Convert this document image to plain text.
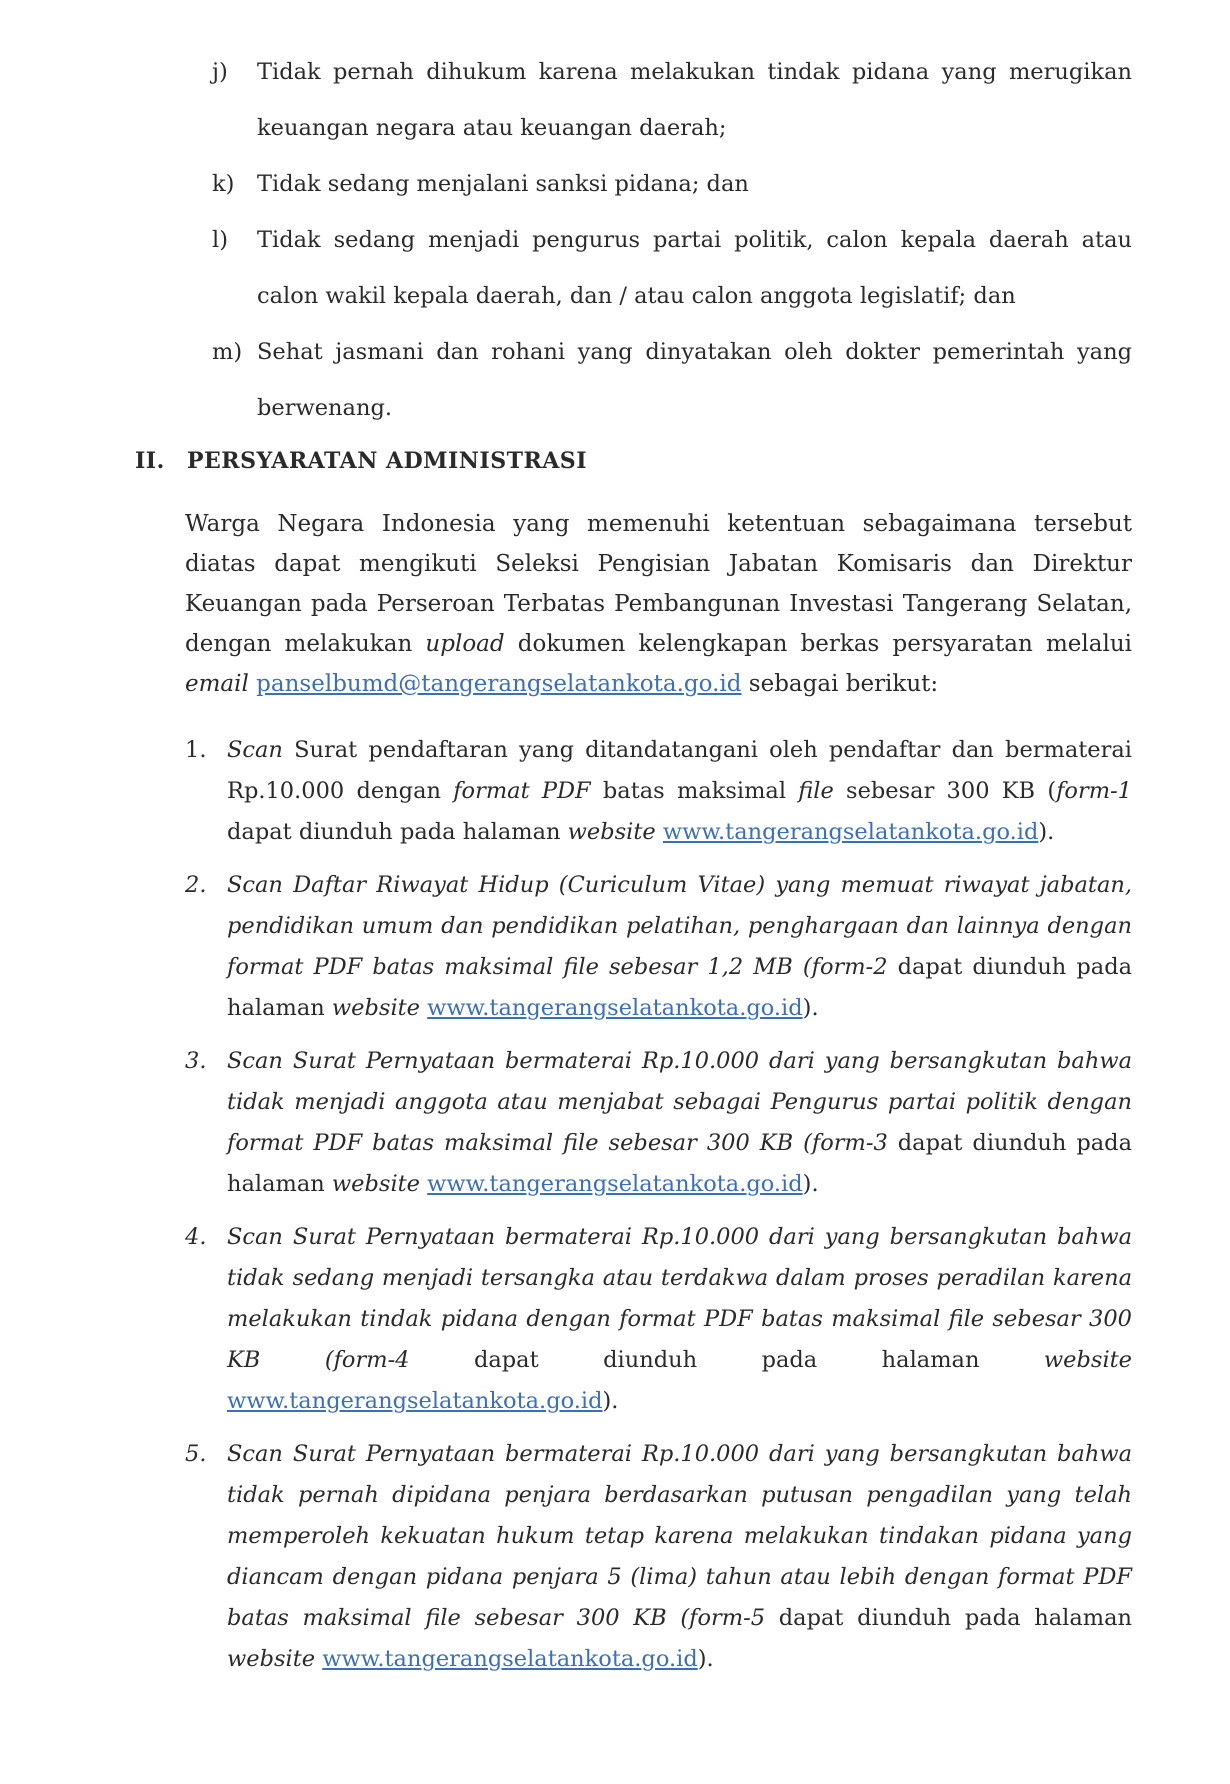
j)	Tidak pernah dihukum karena melakukan tindak pidana yang merugikan
keuangan negara atau keuangan daerah;
k)	Tidak sedang menjalani sanksi pidana; dan
l)	Tidak sedang menjadi pengurus partai politik, calon kepala daerah atau
calon wakil kepala daerah, dan / atau calon anggota legislatif; dan
m) Sehat jasmani dan rohani yang dinyatakan oleh dokter pemerintah yang
berwenang.
II. PERSYARATAN ADMINISTRASI
Warga Negara Indonesia yang memenuhi ketentuan sebagaimana tersebut diatas dapat mengikuti Seleksi Pengisian Jabatan Komisaris dan Direktur Keuangan pada Perseroan Terbatas Pembangunan Investasi Tangerang Selatan, dengan melakukan upload dokumen kelengkapan berkas persyaratan melalui email panselbumd@tangerangselatankota.go.id sebagai berikut:
1. Scan Surat pendaftaran yang ditandatangani oleh pendaftar dan bermaterai Rp.10.000 dengan format PDF batas maksimal file sebesar 300 KB (form-1 dapat diunduh pada halaman website www.tangerangselatankota.go.id).
2. Scan Daftar Riwayat Hidup (Curiculum Vitae) yang memuat riwayat jabatan, pendidikan umum dan pendidikan pelatihan, penghargaan dan lainnya dengan format PDF batas maksimal file sebesar 1,2 MB (form-2 dapat diunduh pada halaman website www.tangerangselatankota.go.id).
3. Scan Surat Pernyataan bermaterai Rp.10.000 dari yang bersangkutan bahwa tidak menjadi anggota atau menjabat sebagai Pengurus partai politik dengan format PDF batas maksimal file sebesar 300 KB (form-3 dapat diunduh pada halaman website www.tangerangselatankota.go.id).
4. Scan Surat Pernyataan bermaterai Rp.10.000 dari yang bersangkutan bahwa tidak sedang menjadi tersangka atau terdakwa dalam proses peradilan karena melakukan tindak pidana dengan format PDF batas maksimal file sebesar 300 KB (form-4 dapat diunduh pada halaman website www.tangerangselatankota.go.id).
5. Scan Surat Pernyataan bermaterai Rp.10.000 dari yang bersangkutan bahwa tidak pernah dipidana penjara berdasarkan putusan pengadilan yang telah memperoleh kekuatan hukum tetap karena melakukan tindakan pidana yang diancam dengan pidana penjara 5 (lima) tahun atau lebih dengan format PDF batas maksimal file sebesar 300 KB (form-5 dapat diunduh pada halaman website www.tangerangselatankota.go.id).
